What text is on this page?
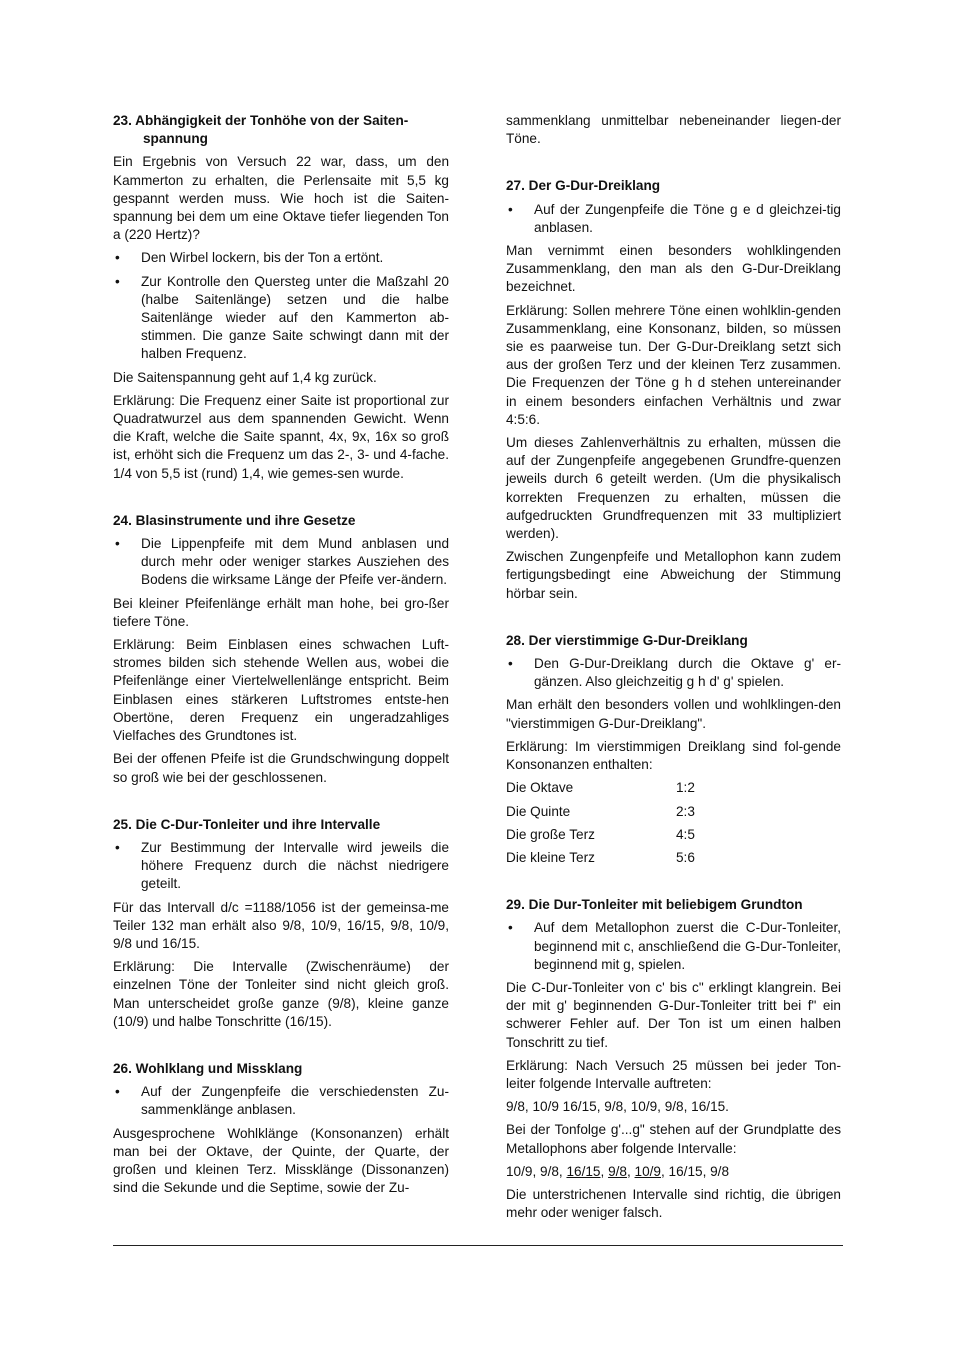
23. Abhängigkeit der Tonhöhe von der Saiten-spannung

Ein Ergebnis von Versuch 22 war, dass, um den Kammerton zu erhalten, die Perlensaite mit 5,5 kg gespannt werden muss. Wie hoch ist die Saiten-spannung bei dem um eine Oktave tiefer liegenden Ton a (220 Hertz)?

• Den Wirbel lockern, bis der Ton a ertönt.
• Zur Kontrolle den Quersteg unter die Maßzahl 20 (halbe Saitenlänge) setzen und die halbe Saitenlänge wieder auf den Kammerton ab-stimmen. Die ganze Saite schwingt dann mit der halben Frequenz.

Die Saitenspannung geht auf 1,4 kg zurück.

Erklärung: Die Frequenz einer Saite ist proportional zur Quadratwurzel aus dem spannenden Gewicht. Wenn die Kraft, welche die Saite spannt, 4x, 9x, 16x so groß ist, erhöht sich die Frequenz um das 2-, 3- und 4-fache. 1/4 von 5,5 ist (rund) 1,4, wie gemes-sen wurde.

24. Blasinstrumente und ihre Gesetze
• Die Lippenpfeife mit dem Mund anblasen und durch mehr oder weniger starkes Ausziehen des Bodens die wirksame Länge der Pfeife ver-ändern.

Bei kleiner Pfeifenlänge erhält man hohe, bei gro-ßer tiefere Töne.

Erklärung: Beim Einblasen eines schwachen Luft-stromes bilden sich stehende Wellen aus, wobei die Pfeifenlänge einer Viertelwellenlänge entspricht. Beim Einblasen eines stärkeren Luftstromes entste-hen Obertöne, deren Frequenz ein ungeradzahliges Vielfaches des Grundtones ist.

Bei der offenen Pfeife ist die Grundschwingung doppelt so groß wie bei der geschlossenen.

25. Die C-Dur-Tonleiter und ihre Intervalle
• Zur Bestimmung der Intervalle wird jeweils die höhere Frequenz durch die nächst niedrigere geteilt.

Für das Intervall d/c =1188/1056 ist der gemeinsa-me Teiler 132 man erhält also 9/8, 10/9, 16/15, 9/8, 10/9, 9/8 und 16/15.

Erklärung: Die Intervalle (Zwischenräume) der einzelnen Töne der Tonleiter sind nicht gleich groß. Man unterscheidet große ganze (9/8), kleine ganze (10/9) und halbe Tonschritte (16/15).

26. Wohlklang und Missklang
• Auf der Zungenpfeife die verschiedensten Zu-sammenklänge anblasen.

Ausgesprochene Wohlklänge (Konsonanzen) erhält man bei der Oktave, der Quinte, der Quarte, der großen und kleinen Terz. Missklänge (Dissonanzen) sind die Sekunde und die Septime, sowie der Zu-

sammenklang unmittelbar nebeneinander liegen-der Töne.

27. Der G-Dur-Dreiklang
• Auf der Zungenpfeife die Töne g e d gleichzei-tig anblasen.

Man vernimmt einen besonders wohlklingenden Zusammenklang, den man als den G-Dur-Dreiklang bezeichnet.

Erklärung: Sollen mehrere Töne einen wohlklin-genden Zusammenklang, eine Konsonanz, bilden, so müssen sie es paarweise tun. Der G-Dur-Dreiklang setzt sich aus der großen Terz und der kleinen Terz zusammen. Die Frequenzen der Töne g h d stehen untereinander in einem besonders einfachen Verhältnis und zwar 4:5:6.

Um dieses Zahlenverhältnis zu erhalten, müssen die auf der Zungenpfeife angegebenen Grundfre-quenzen jeweils durch 6 geteilt werden. (Um die physikalisch korrekten Frequenzen zu erhalten, müssen die aufgedruckten Grundfrequenzen mit 33 multipliziert werden).

Zwischen Zungenpfeife und Metallophon kann zudem fertigungsbedingt eine Abweichung der Stimmung hörbar sein.

28. Der vierstimmige G-Dur-Dreiklang
• Den G-Dur-Dreiklang durch die Oktave g' er-gänzen. Also gleichzeitig g h d' g' spielen.

Man erhält den besonders vollen und wohlklingen-den "vierstimmigen G-Dur-Dreiklang".

Erklärung: Im vierstimmigen Dreiklang sind fol-gende Konsonanzen enthalten:

Die Oktave	1:2
Die Quinte	2:3
Die große Terz	4:5
Die kleine Terz	5:6
29. Die Dur-Tonleiter mit beliebigem Grundton
• Auf dem Metallophon zuerst die C-Dur-Tonleiter, beginnend mit c, anschließend die G-Dur-Tonleiter, beginnend mit g, spielen.

Die C-Dur-Tonleiter von c' bis c" erklingt klangrein. Bei der mit g' beginnenden G-Dur-Tonleiter tritt bei f" ein schwerer Fehler auf. Der Ton ist um einen halben Tonschritt zu tief.

Erklärung: Nach Versuch 25 müssen bei jeder Ton-leiter folgende Intervalle auftreten:

9/8, 10/9 16/15, 9/8, 10/9, 9/8, 16/15.

Bei der Tonfolge g'...g" stehen auf der Grundplatte des Metallophons aber folgende Intervalle:

10/9, 9/8, 16/15, 9/8, 10/9, 16/15, 9/8

Die unterstrichenen Intervalle sind richtig, die übrigen mehr oder weniger falsch.
